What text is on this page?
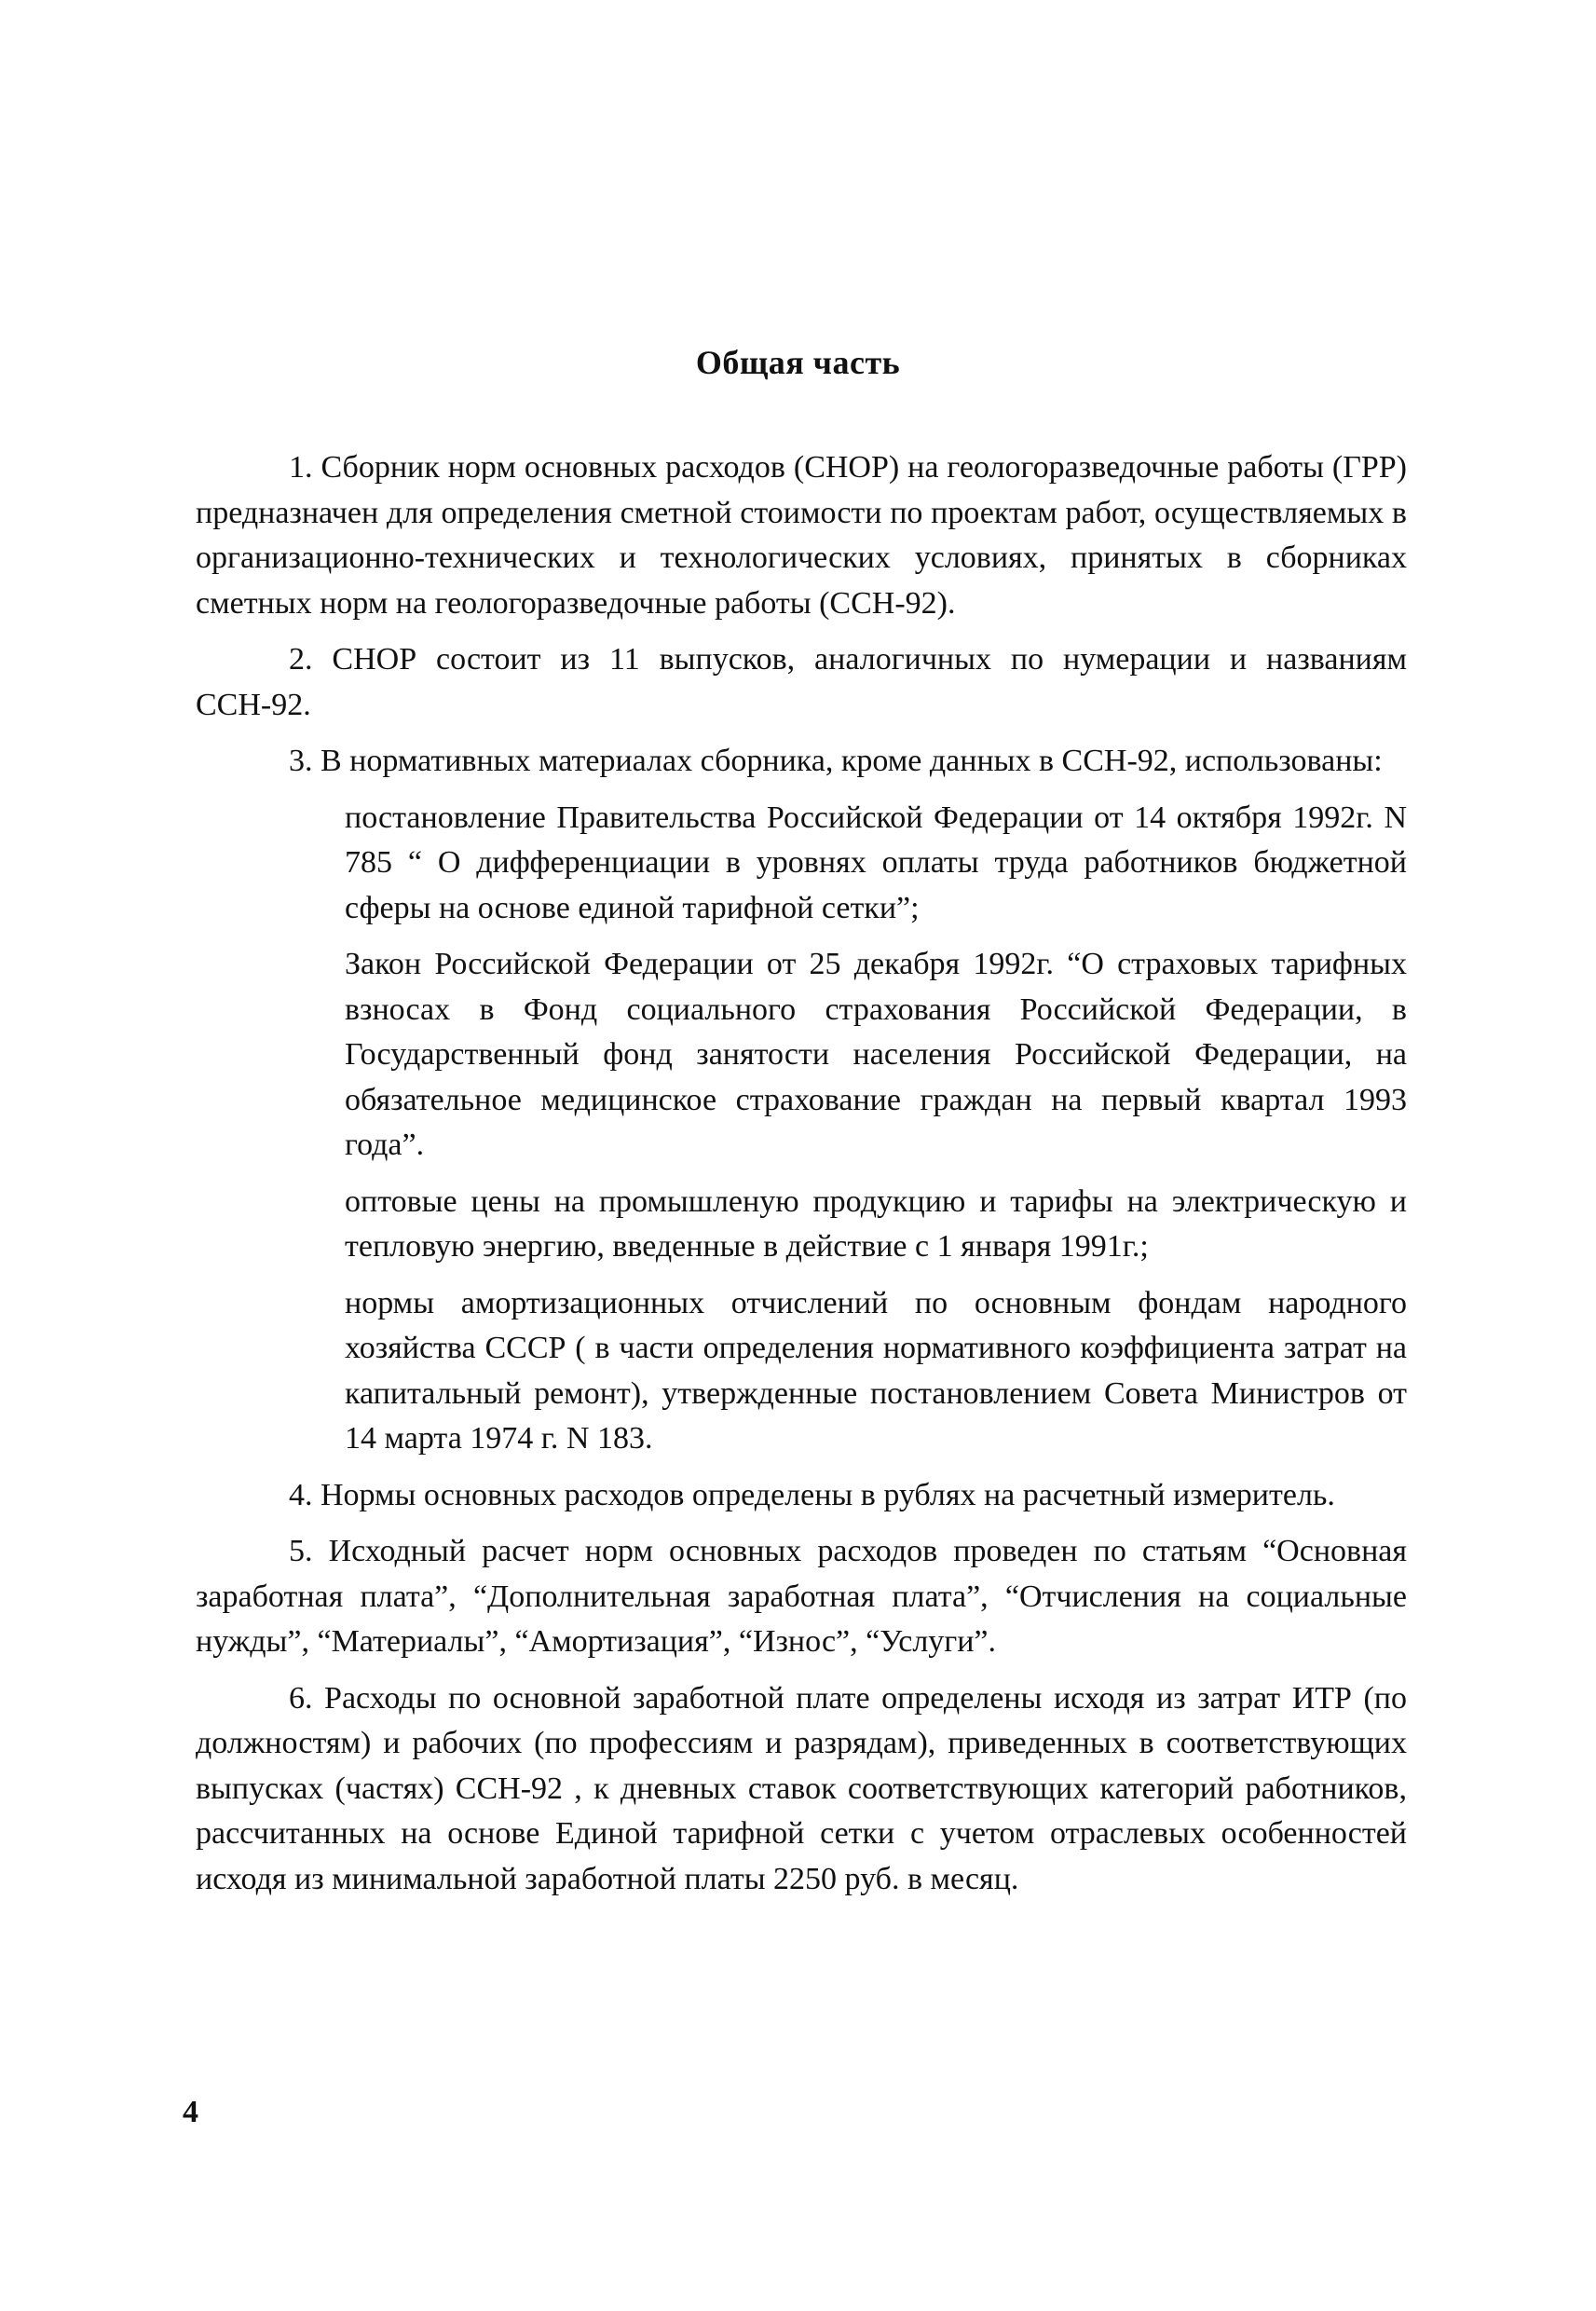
Общая часть

1. Сборник норм основных расходов (СНОР) на геологоразведочные работы (ГРР) предназначен для определения сметной стоимости по проектам работ, осуществляемых в организационно-технических и технологических условиях, принятых в сборниках сметных норм на геологоразведочные работы (ССН-92).

2. СНОР состоит из 11 выпусков, аналогичных по нумерации и названиям ССН-92.

3. В нормативных материалах сборника, кроме данных в ССН-92, использованы:

постановление Правительства Российской Федерации от 14 октября 1992г. N 785 “ О дифференциации в уровнях оплаты труда работников бюджетной сферы на основе единой тарифной сетки”;

Закон Российской Федерации от 25 декабря 1992г. “О страховых тарифных взносах в Фонд социального страхования Российской Федерации, в Государственный фонд занятости населения Российской Федерации, на обязательное медицинское страхование граждан на первый квартал 1993 года”.

оптовые цены на промышленую продукцию и тарифы на электрическую и тепловую энергию, введенные в действие с 1 января 1991г.;

нормы амортизационных отчислений по основным фондам народного хозяйства СССР ( в части определения нормативного коэффициента затрат на капитальный ремонт), утвержденные постановлением Совета Министров от 14 марта 1974 г. N 183.

4. Нормы основных расходов определены в рублях на расчетный измеритель.

5. Исходный расчет норм основных расходов проведен по статьям “Основная заработная плата”, “Дополнительная заработная плата”, “Отчисления на социальные нужды”, “Материалы”, “Амортизация”, “Износ”, “Услуги”.

6. Расходы по основной заработной плате определены исходя из затрат ИТР (по должностям) и рабочих (по профессиям и разрядам), приведенных в соответствующих выпусках (частях) ССН-92 , к дневных ставок соответствующих категорий работников, рассчитанных на основе Единой тарифной сетки с учетом отраслевых особенностей исходя из минимальной заработной платы 2250 руб. в месяц.

4
